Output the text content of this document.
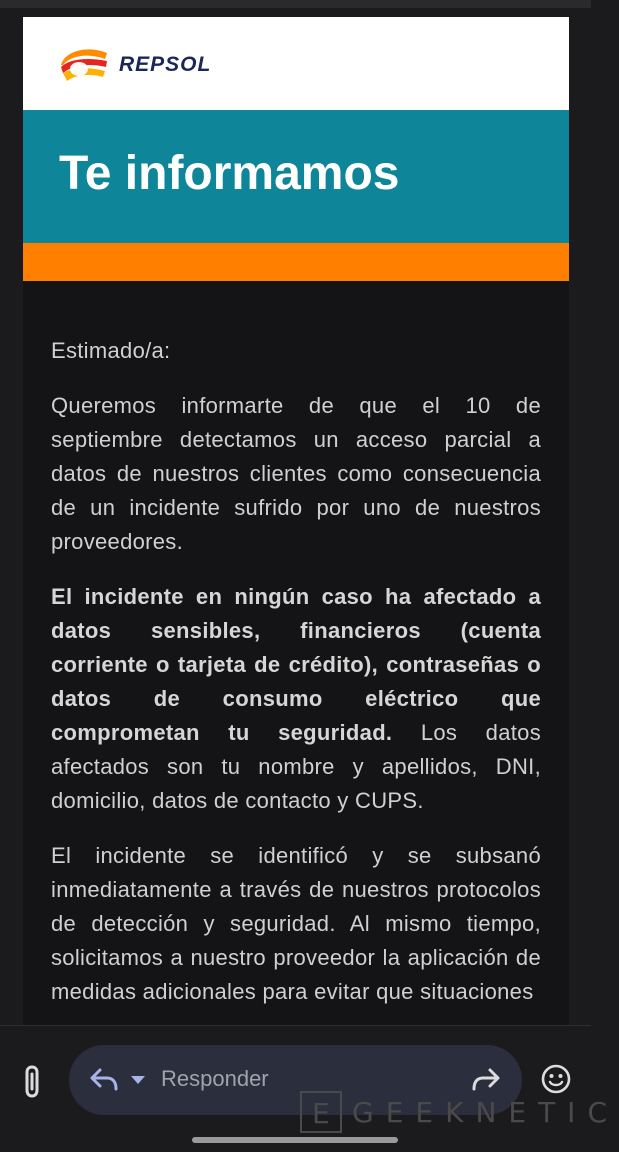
REPSOL
Te informamos

Estimado/a:

Queremos informarte de que el 10 de septiembre detectamos un acceso parcial a datos de nuestros clientes como consecuencia de un incidente sufrido por uno de nuestros proveedores.

El incidente en ningún caso ha afectado a datos sensibles, financieros (cuenta corriente o tarjeta de crédito), contraseñas o datos de consumo eléctrico que comprometan tu seguridad. Los datos afectados son tu nombre y apellidos, DNI, domicilio, datos de contacto y CUPS.

El incidente se identificó y se subsanó inmediatamente a través de nuestros protocolos de detección y seguridad. Al mismo tiempo, solicitamos a nuestro proveedor la aplicación de medidas adicionales para evitar que situaciones

Responder
E GEEKNETIC
